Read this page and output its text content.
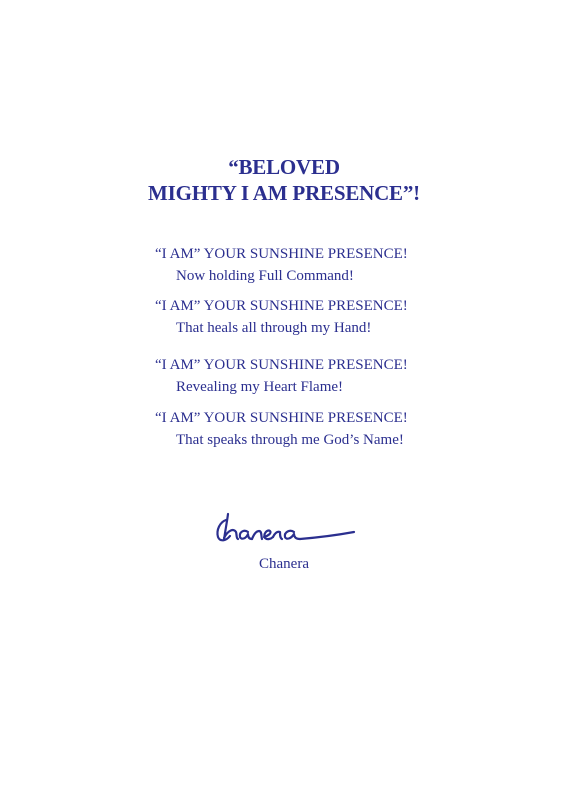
“BELOVED
MIGHTY I AM PRESENCE”!
“I AM” YOUR SUNSHINE PRESENCE!
Now holding Full Command!
“I AM” YOUR SUNSHINE PRESENCE!
That heals all through my Hand!
“I AM” YOUR SUNSHINE PRESENCE!
Revealing my Heart Flame!
“I AM” YOUR SUNSHINE PRESENCE!
That speaks through me God’s Name!
Chanera
